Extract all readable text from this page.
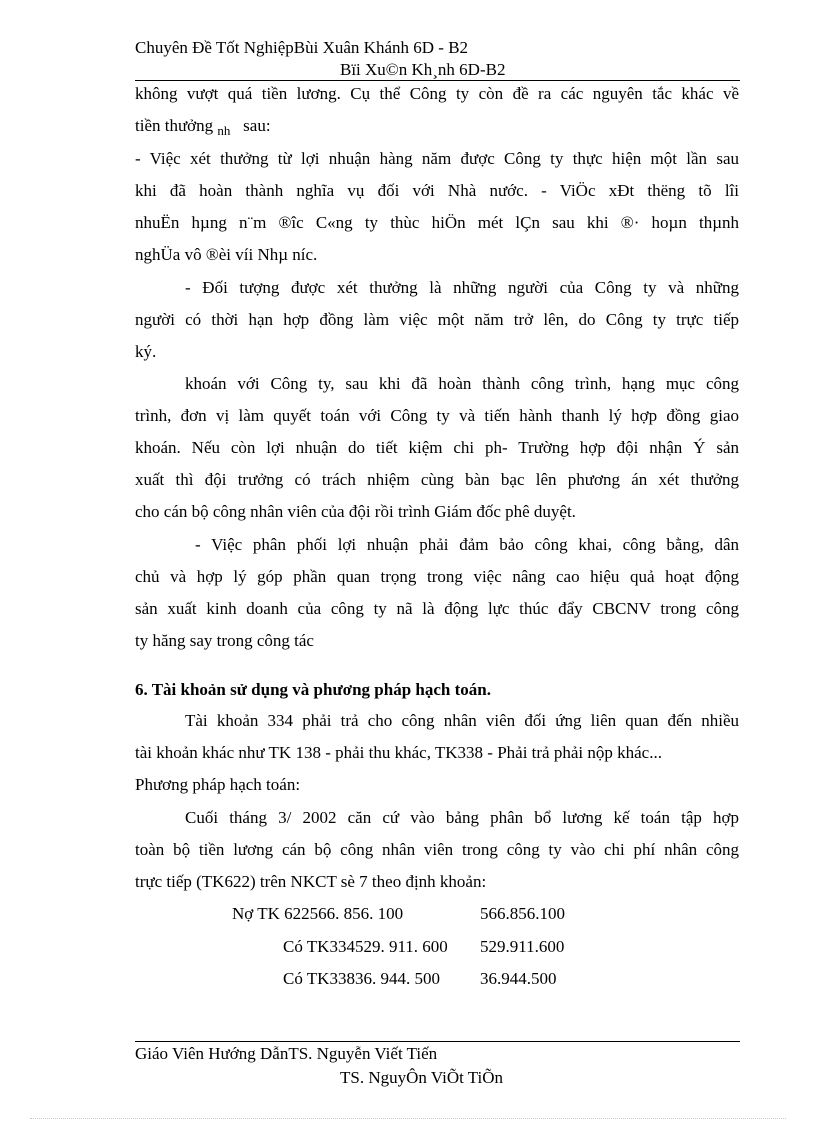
Chuyên Đề Tốt NghiệpBùi Xuân Khánh 6D - B2
Bïi Xu©n Kh¸nh 6D-B2
không vượt quá tiền lương. Cụ thể Công ty còn đề ra các nguyên tắc khác về
tiền thưởng $_{nh}$ sau:
- Việc xét thưởng từ lợi nhuận hàng năm được Công ty thực hiện một lần sau
khi đã hoàn thành nghĩa vụ đối với Nhà nước. - ViÖc xÐt thëng tõ lîi
nhuËn hµng n¨m ®îc C«ng ty thùc hiÖn mét lÇn sau khi ®· hoµn thµnh
nghÜa vô ®èi víi Nhµ níc.
- Đối tượng được xét thưởng là những người của Công ty và những
người có thời hạn hợp đồng làm việc một năm trở lên, do Công ty trực tiếp
ký.
khoán với Công ty, sau khi đã hoàn thành công trình, hạng mục công
trình, đơn vị làm quyết toán với Công ty và tiến hành thanh lý hợp đồng giao
khoán. Nếu còn lợi nhuận do tiết kiệm chi ph- Trường hợp đội nhận Ý sản
xuất thì đội trưởng có trách nhiệm cùng bàn bạc lên phương án xét thưởng
cho cán bộ công nhân viên của đội rồi trình Giám đốc phê duyệt.
- Việc phân phối lợi nhuận phải đảm bảo công khai, công bằng, dân
chủ và hợp lý góp phần quan trọng trong việc nâng cao hiệu quả hoạt động
sản xuất kinh doanh của công ty nã là động lực thúc đẩy CBCNV trong công
ty hăng say trong công tác
6. Tài khoản sử dụng và phương pháp hạch toán.
Tài khoản 334 phải trả cho công nhân viên đối ứng liên quan đến nhiều
tài khoản khác như TK 138 - phải thu khác, TK338 - Phải trả phải nộp khác...
Phương pháp hạch toán:
Cuối tháng 3/ 2002 căn cứ vào bảng phân bổ lương kế toán tập hợp
toàn bộ tiền lương cán bộ công nhân viên trong công ty vào chi phí nhân công
trực tiếp (TK622) trên NKCT sè 7 theo định khoản:
Nợ TK 622566. 856. 100	566.856.100
Có TK334529. 911. 600 529.911.600
Có TK33836. 944. 500 36.944.500
Giáo Viên Hướng DẫnTS. Nguyễn Viết Tiến
TS. NguyÔn ViÕt TiÕn
